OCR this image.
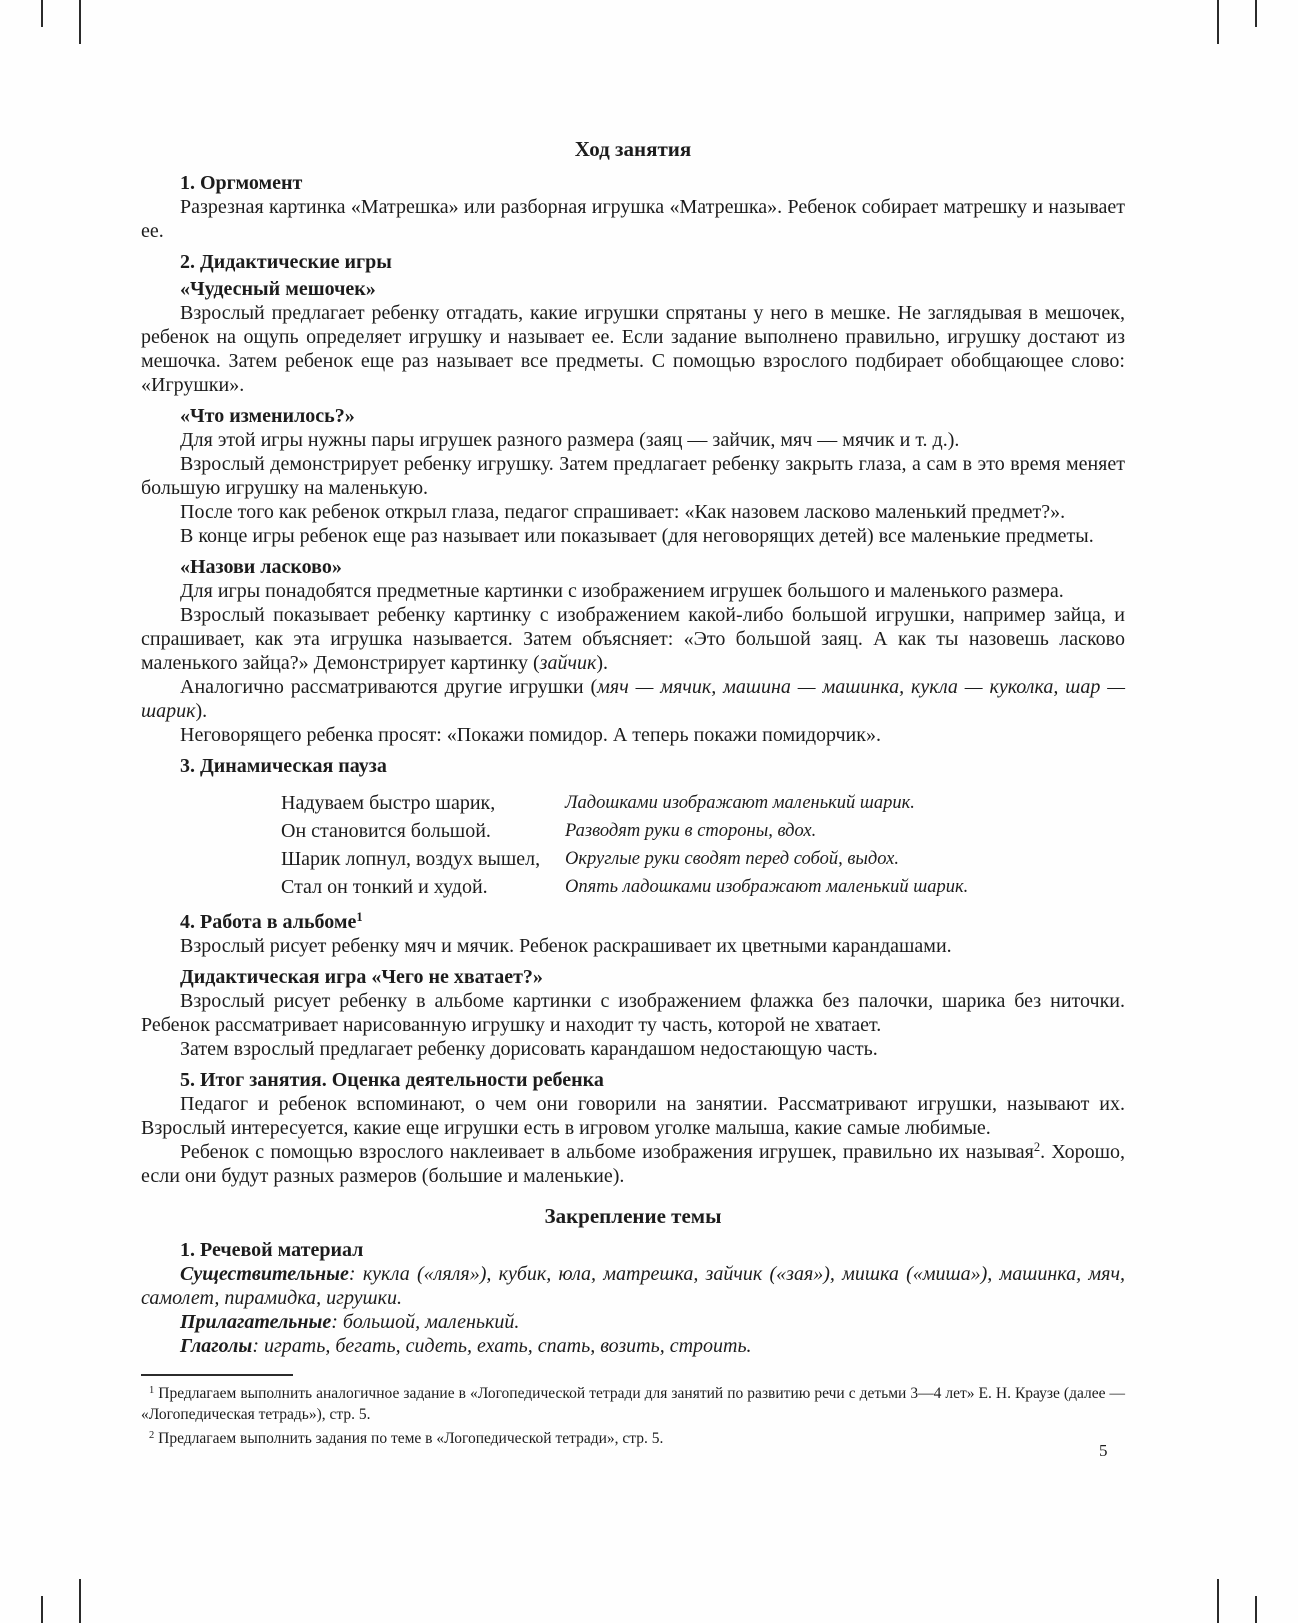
Ход занятия

1. Оргмомент

Разрезная картинка «Матрешка» или разборная игрушка «Матрешка». Ребенок собирает матрешку и называет ее.

2. Дидактические игры

«Чудесный мешочек»

Взрослый предлагает ребенку отгадать, какие игрушки спрятаны у него в мешке. Не заглядывая в мешочек, ребенок на ощупь определяет игрушку и называет ее. Если задание выполнено правильно, игрушку достают из мешочка. Затем ребенок еще раз называет все предметы. С помощью взрослого подбирает обобщающее слово: «Игрушки».

«Что изменилось?»

Для этой игры нужны пары игрушек разного размера (заяц — зайчик, мяч — мячик и т. д.).

Взрослый демонстрирует ребенку игрушку. Затем предлагает ребенку закрыть глаза, а сам в это время меняет большую игрушку на маленькую.

После того как ребенок открыл глаза, педагог спрашивает: «Как назовем ласково маленький предмет?».

В конце игры ребенок еще раз называет или показывает (для неговорящих детей) все маленькие предметы.

«Назови ласково»

Для игры понадобятся предметные картинки с изображением игрушек большого и маленького размера.

Взрослый показывает ребенку картинку с изображением какой-либо большой игрушки, например зайца, и спрашивает, как эта игрушка называется. Затем объясняет: «Это большой заяц. А как ты назовешь ласково маленького зайца?» Демонстрирует картинку (зайчик).

Аналогично рассматриваются другие игрушки (мяч — мячик, машина — машинка, кукла — куколка, шар — шарик).

Неговорящего ребенка просят: «Покажи помидор. А теперь покажи помидорчик».

3. Динамическая пауза

Надуваем быстро шарик,	Ладошками изображают маленький шарик.
Он становится большой.	Разводят руки в стороны, вдох.
Шарик лопнул, воздух вышел,	Округлые руки сводят перед собой, выдох.
Стал он тонкий и худой.	Опять ладошками изображают маленький шарик.

4. Работа в альбоме$^1$

Взрослый рисует ребенку мяч и мячик. Ребенок раскрашивает их цветными карандашами.

Дидактическая игра «Чего не хватает?»

Взрослый рисует ребенку в альбоме картинки с изображением флажка без палочки, шарика без ниточки. Ребенок рассматривает нарисованную игрушку и находит ту часть, которой не хватает.

Затем взрослый предлагает ребенку дорисовать карандашом недостающую часть.

5. Итог занятия. Оценка деятельности ребенка

Педагог и ребенок вспоминают, о чем они говорили на занятии. Рассматривают игрушки, называют их. Взрослый интересуется, какие еще игрушки есть в игровом уголке малыша, какие самые любимые.

Ребенок с помощью взрослого наклеивает в альбоме изображения игрушек, правильно их называя$^2$. Хорошо, если они будут разных размеров (большие и маленькие).

Закрепление темы

1. Речевой материал

Существительные: кукла («ляля»), кубик, юла, матрешка, зайчик («зая»), мишка («миша»), машинка, мяч, самолет, пирамидка, игрушки.

Прилагательные: большой, маленький.

Глаголы: играть, бегать, сидеть, ехать, спать, возить, строить.

$^1$ Предлагаем выполнить аналогичное задание в «Логопедической тетради для занятий по развитию речи с детьми 3—4 лет» Е. Н. Краузе (далее — «Логопедическая тетрадь»), стр. 5.

$^2$ Предлагаем выполнить задания по теме в «Логопедической тетради», стр. 5.

5
